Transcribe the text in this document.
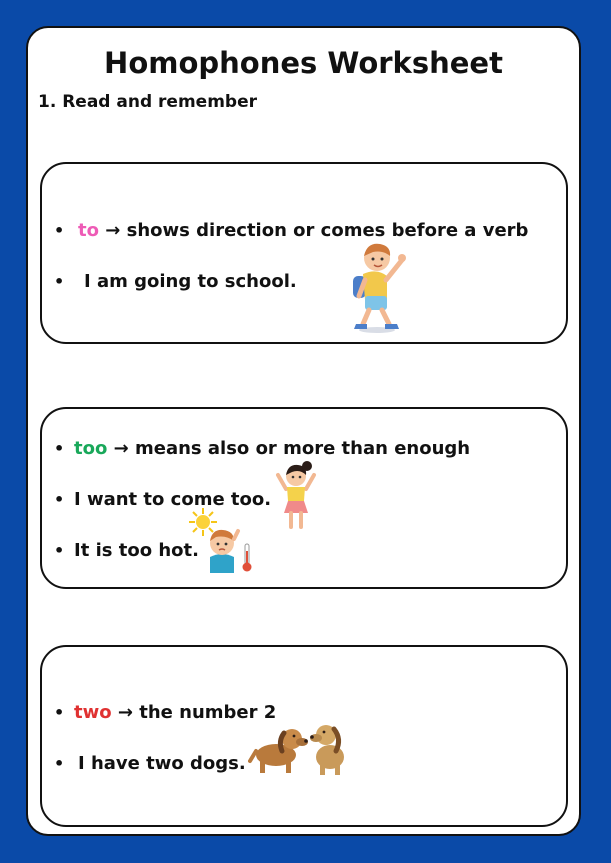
Homophones Worksheet
1. Read and remember
• to → shows direction or comes before a verb
• I am going to school.
• too → means also or more than enough
• I want to come too.
• It is too hot.
• two → the number 2
• I have two dogs.
